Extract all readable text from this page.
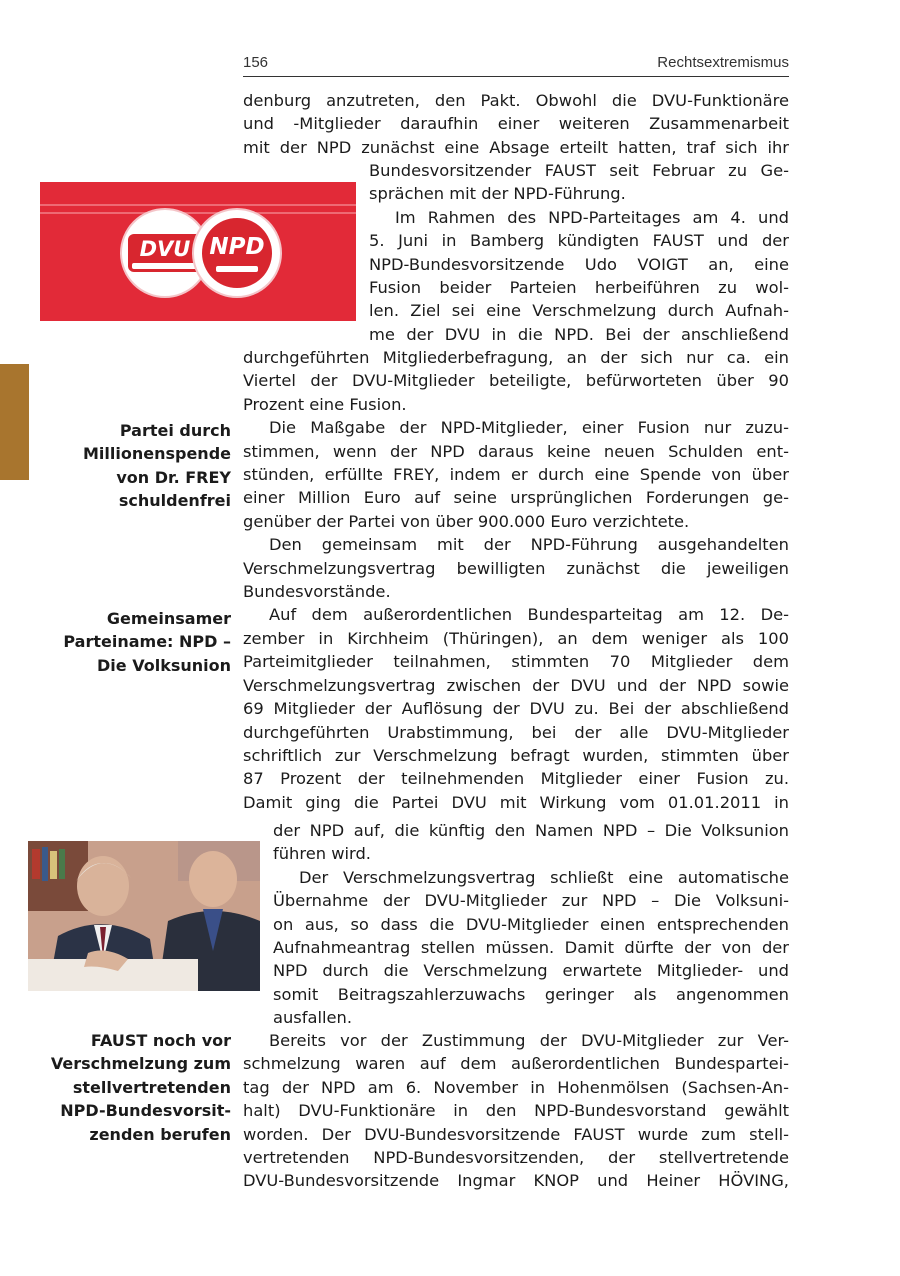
156	Rechtsextremismus
DVU NPD
Partei durch
Millionenspende
von Dr. FREY
schuldenfrei
Gemeinsamer
Parteiname: NPD –
Die Volksunion
FAUST noch vor
Verschmelzung zum
stellvertretenden
NPD-Bundesvorsit-
zenden berufen
denburg anzutreten, den Pakt. Obwohl die DVU-Funktionäre
und -Mitglieder daraufhin einer weiteren Zusammenarbeit
mit der NPD zunächst eine Absage erteilt hatten, traf sich ihr
Bundesvorsitzender FAUST seit Februar zu Ge-
sprächen mit der NPD-Führung.
Im Rahmen des NPD-Parteitages am 4. und
5. Juni in Bamberg kündigten FAUST und der
NPD-Bundesvorsitzende Udo VOIGT an, eine
Fusion beider Parteien herbeiführen zu wol-
len. Ziel sei eine Verschmelzung durch Aufnah-
me der DVU in die NPD. Bei der anschließend
durchgeführten Mitgliederbefragung, an der sich nur ca. ein
Viertel der DVU-Mitglieder beteiligte, befürworteten über 90
Prozent eine Fusion.
Die Maßgabe der NPD-Mitglieder, einer Fusion nur zuzu-
stimmen, wenn der NPD daraus keine neuen Schulden ent-
stünden, erfüllte FREY, indem er durch eine Spende von über
einer Million Euro auf seine ursprünglichen Forderungen ge-
genüber der Partei von über 900.000 Euro verzichtete.
Den gemeinsam mit der NPD-Führung ausgehandelten
Verschmelzungsvertrag bewilligten zunächst die jeweiligen
Bundesvorstände.
Auf dem außerordentlichen Bundesparteitag am 12. De-
zember in Kirchheim (Thüringen), an dem weniger als 100
Parteimitglieder teilnahmen, stimmten 70 Mitglieder dem
Verschmelzungsvertrag zwischen der DVU und der NPD sowie
69 Mitglieder der Auflösung der DVU zu. Bei der abschließend
durchgeführten Urabstimmung, bei der alle DVU-Mitglieder
schriftlich zur Verschmelzung befragt wurden, stimmten über
87 Prozent der teilnehmenden Mitglieder einer Fusion zu.
Damit ging die Partei DVU mit Wirkung vom 01.01.2011 in
der NPD auf, die künftig den Namen NPD – Die Volksunion
führen wird.
Der Verschmelzungsvertrag schließt eine automatische
Übernahme der DVU-Mitglieder zur NPD – Die Volksuni-
on aus, so dass die DVU-Mitglieder einen entsprechenden
Aufnahmeantrag stellen müssen. Damit dürfte der von der
NPD durch die Verschmelzung erwartete Mitglieder- und
somit Beitragszahlerzuwachs geringer als angenommen
ausfallen.
Bereits vor der Zustimmung der DVU-Mitglieder zur Ver-
schmelzung waren auf dem außerordentlichen Bundespartei-
tag der NPD am 6. November in Hohenmölsen (Sachsen-An-
halt) DVU-Funktionäre in den NPD-Bundesvorstand gewählt
worden. Der DVU-Bundesvorsitzende FAUST wurde zum stell-
vertretenden NPD-Bundesvorsitzenden, der stellvertretende
DVU-Bundesvorsitzende Ingmar KNOP und Heiner HÖVING,
